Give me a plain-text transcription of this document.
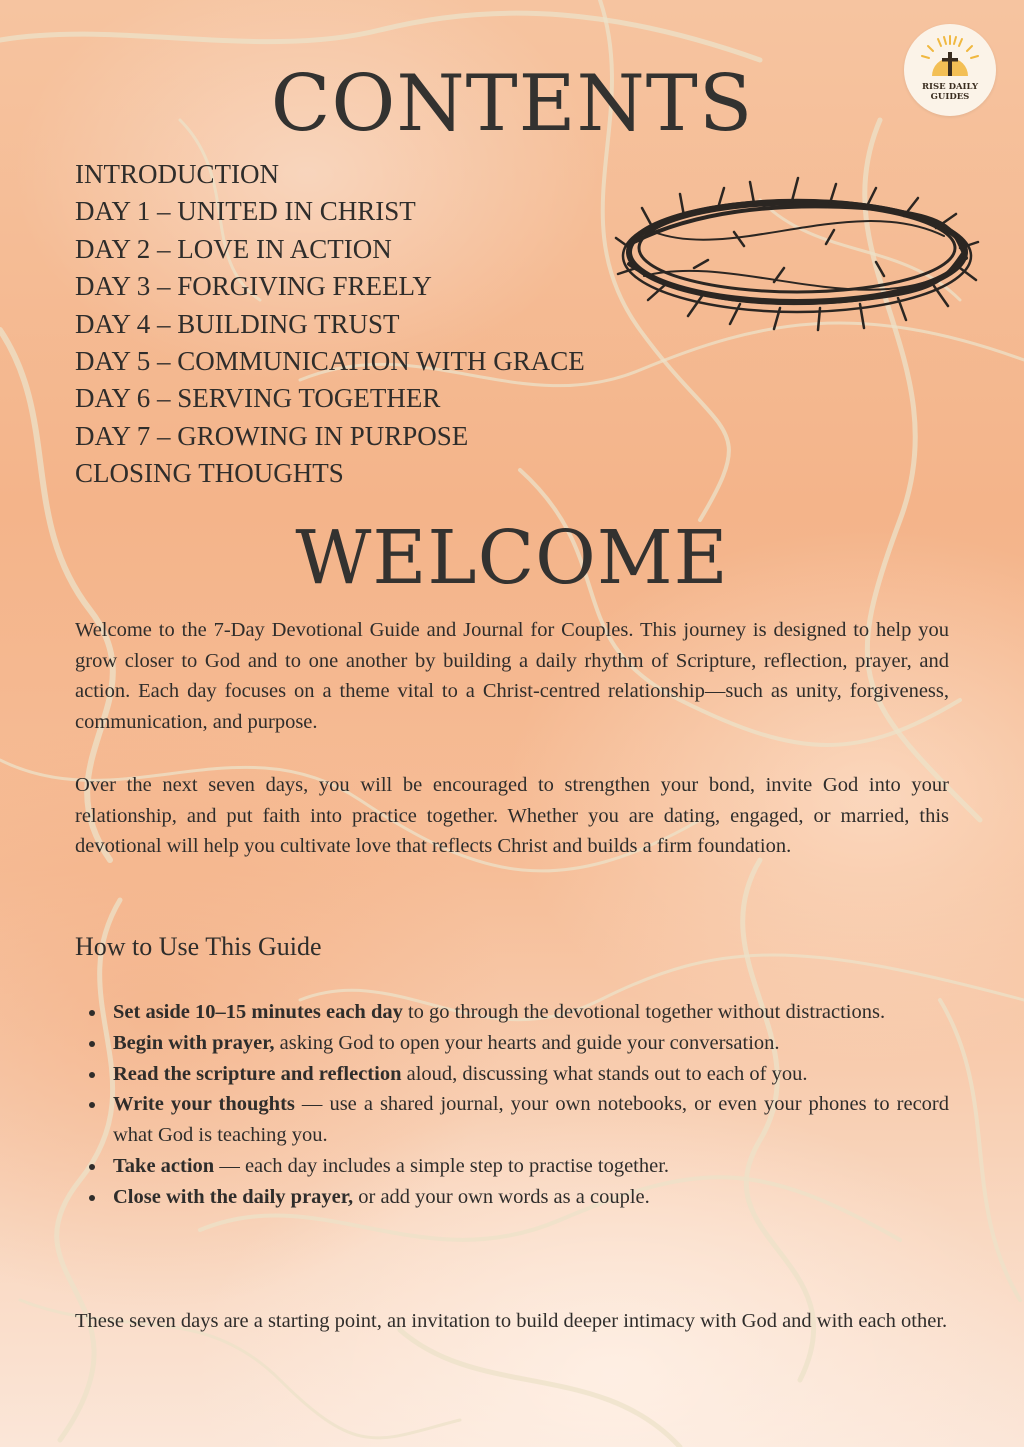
RISE DAILY
GUIDES
CONTENTS
INTRODUCTION
DAY 1 – UNITED IN CHRIST
DAY 2 – LOVE IN ACTION
DAY 3 – FORGIVING FREELY
DAY 4 – BUILDING TRUST
DAY 5 – COMMUNICATION WITH GRACE
DAY 6 – SERVING TOGETHER
DAY 7 – GROWING IN PURPOSE
CLOSING THOUGHTS
WELCOME

Welcome to the 7-Day Devotional Guide and Journal for Couples. This journey is designed to help you grow closer to God and to one another by building a daily rhythm of Scripture, reflection, prayer, and action. Each day focuses on a theme vital to a Christ-centred relationship—such as unity, forgiveness, communication, and purpose.

Over the next seven days, you will be encouraged to strengthen your bond, invite God into your relationship, and put faith into practice together. Whether you are dating, engaged, or married, this devotional will help you cultivate love that reflects Christ and builds a firm foundation.

How to Use This Guide
Set aside 10–15 minutes each day to go through the devotional together without distractions.
Begin with prayer, asking God to open your hearts and guide your conversation.
Read the scripture and reflection aloud, discussing what stands out to each of you.
Write your thoughts — use a shared journal, your own notebooks, or even your phones to record what God is teaching you.
Take action — each day includes a simple step to practise together.
Close with the daily prayer, or add your own words as a couple.

These seven days are a starting point, an invitation to build deeper intimacy with God and with each other.
